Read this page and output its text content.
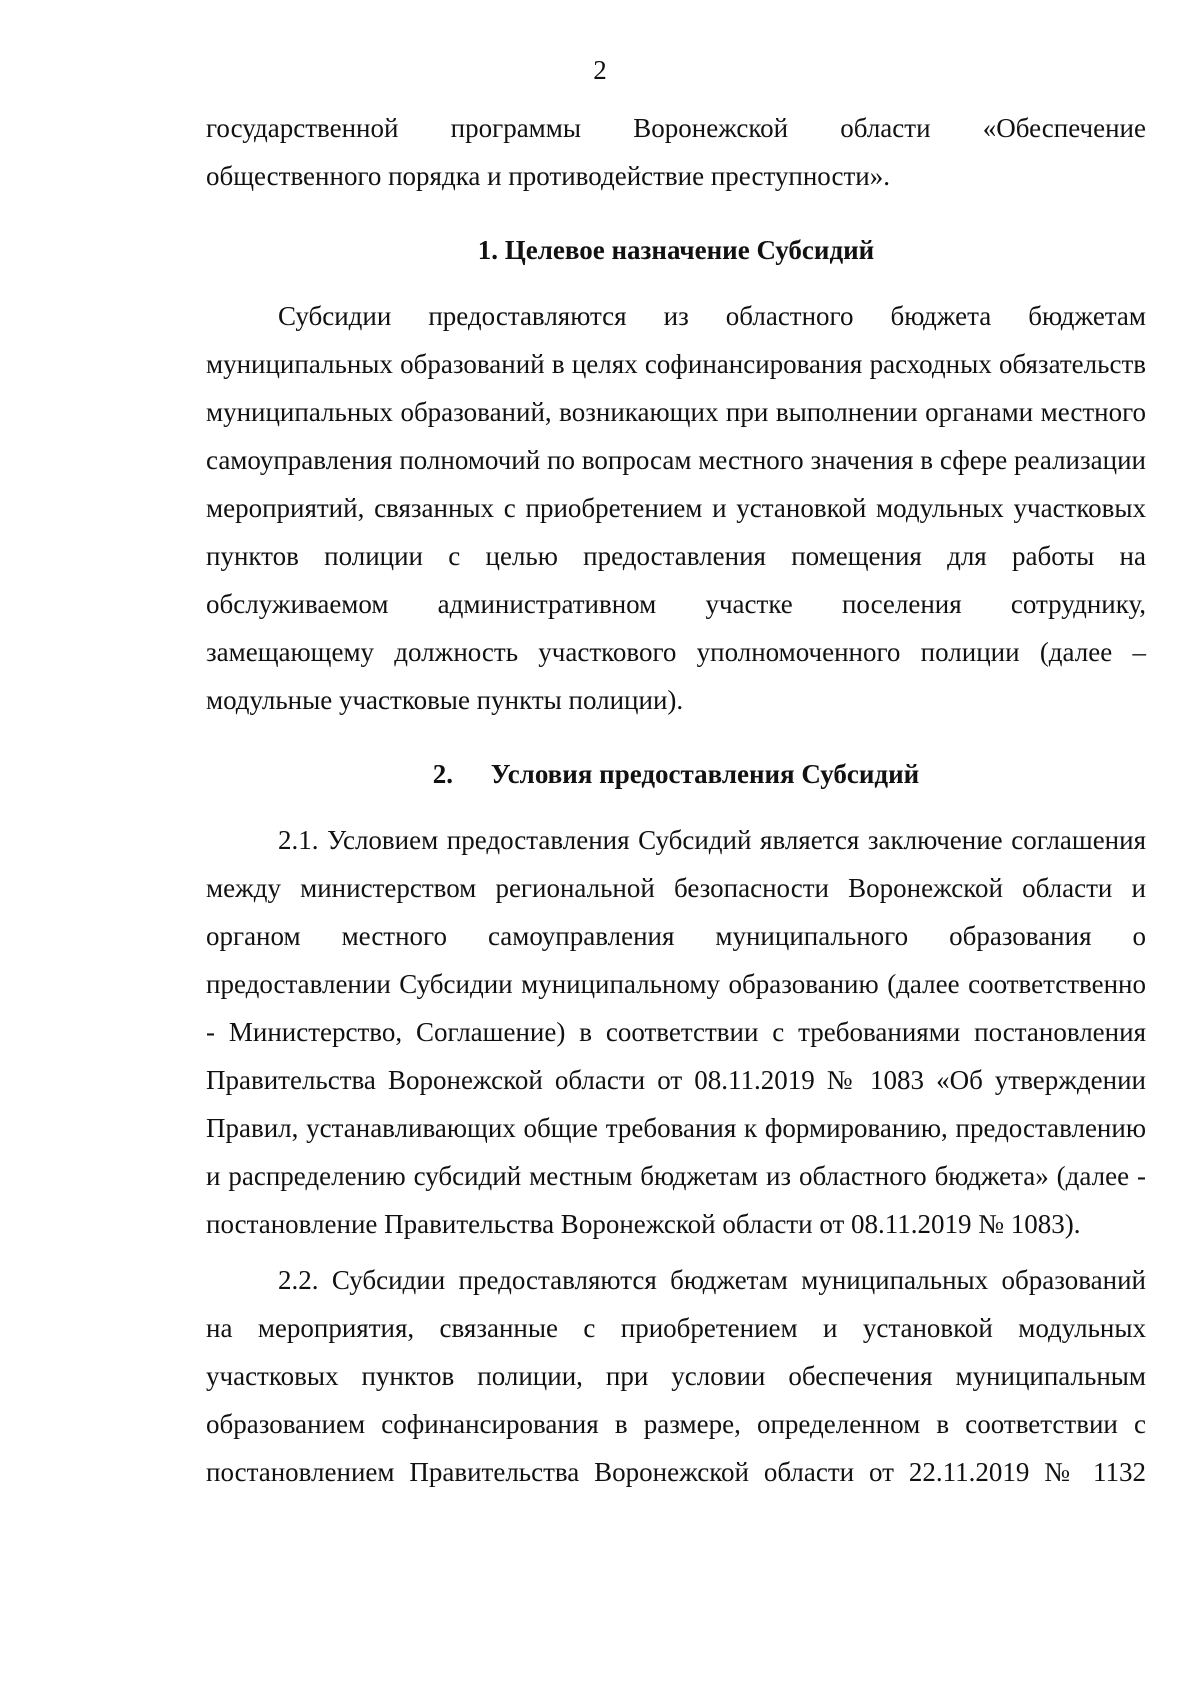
2

государственной программы Воронежской области «Обеспечение общественного порядка и противодействие преступности».

1. Целевое назначение Субсидий

Субсидии предоставляются из областного бюджета бюджетам муниципальных образований в целях софинансирования расходных обязательств муниципальных образований, возникающих при выполнении органами местного самоуправления полномочий по вопросам местного значения в сфере реализации мероприятий, связанных с приобретением и установкой модульных участковых пунктов полиции с целью предоставления помещения для работы на обслуживаемом административном участке поселения сотруднику, замещающему должность участкового уполномоченного полиции (далее – модульные участковые пункты полиции).

2. Условия предоставления Субсидий

2.1. Условием предоставления Субсидий является заключение соглашения между министерством региональной безопасности Воронежской области и органом местного самоуправления муниципального образования о предоставлении Субсидии муниципальному образованию (далее соответственно - Министерство, Соглашение) в соответствии с требованиями постановления Правительства Воронежской области от 08.11.2019 № 1083 «Об утверждении Правил, устанавливающих общие требования к формированию, предоставлению и распределению субсидий местным бюджетам из областного бюджета» (далее - постановление Правительства Воронежской области от 08.11.2019 № 1083).

2.2. Субсидии предоставляются бюджетам муниципальных образований на мероприятия, связанные с приобретением и установкой модульных участковых пунктов полиции, при условии обеспечения муниципальным образованием софинансирования в размере, определенном в соответствии с постановлением Правительства Воронежской области от 22.11.2019 № 1132
